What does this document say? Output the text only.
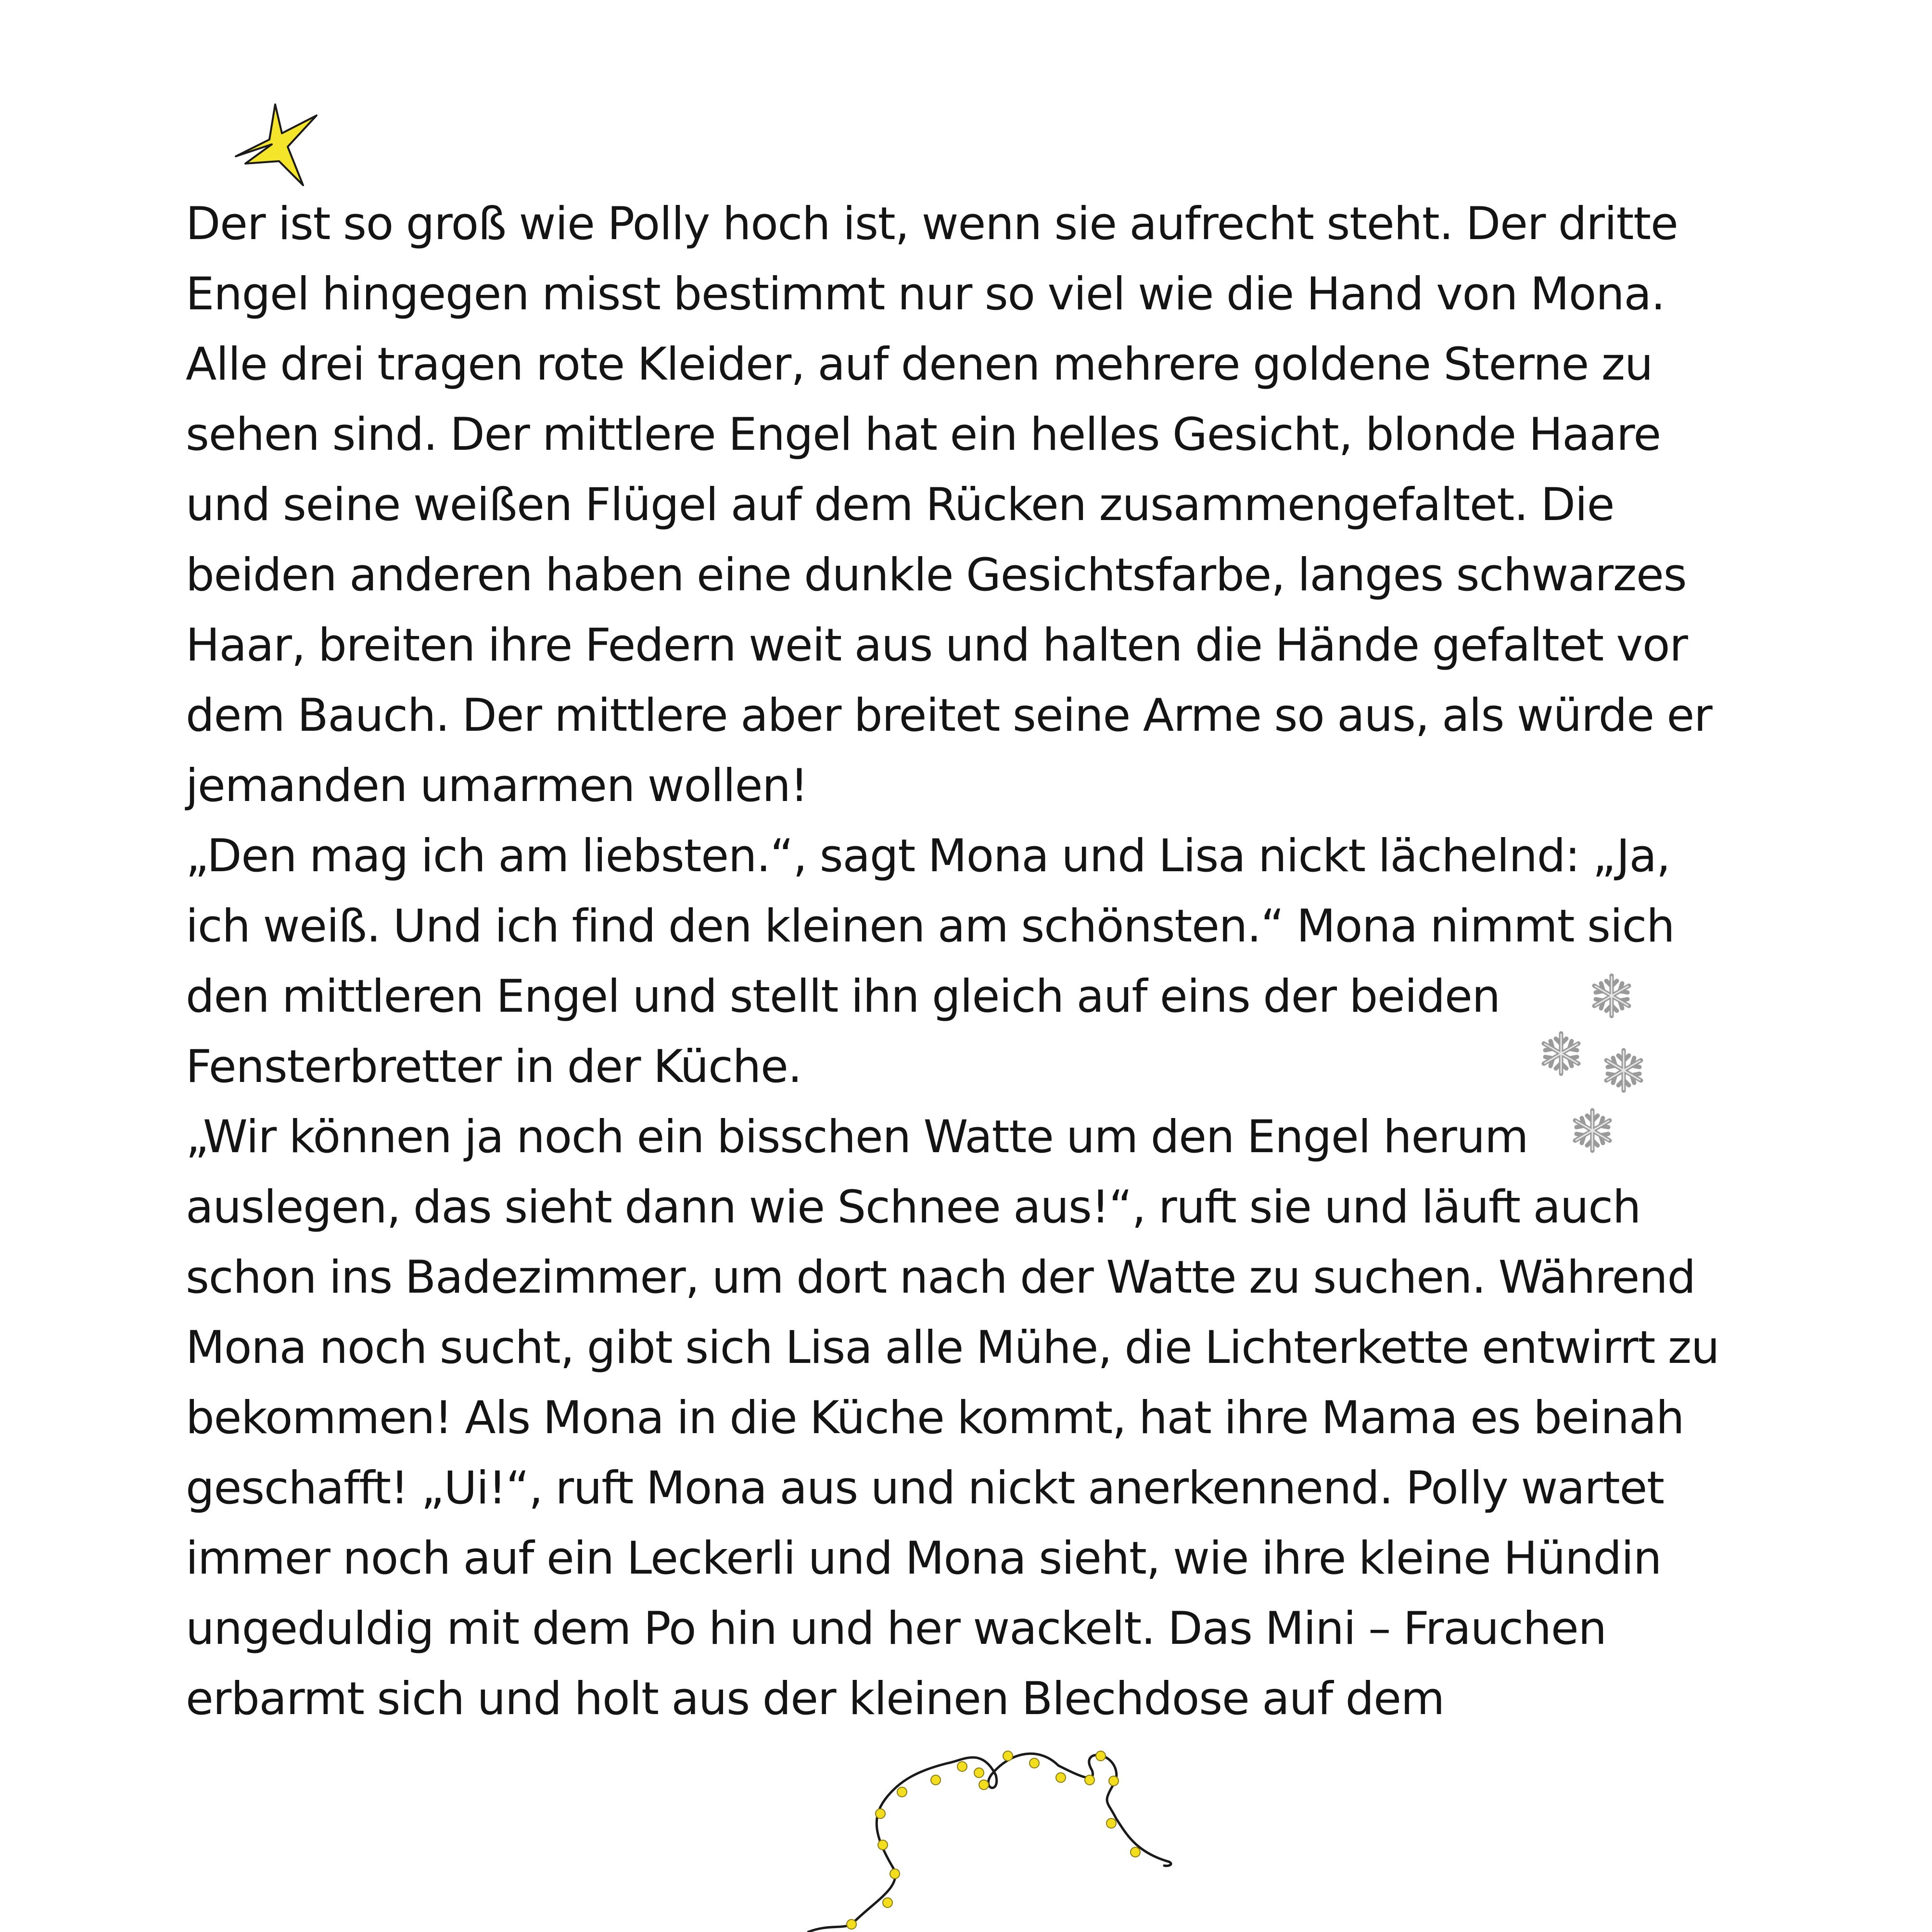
Der ist so groß wie Polly hoch ist, wenn sie aufrecht steht. Der dritte
Engel hingegen misst bestimmt nur so viel wie die Hand von Mona.
Alle drei tragen rote Kleider, auf denen mehrere goldene Sterne zu
sehen sind. Der mittlere Engel hat ein helles Gesicht, blonde Haare
und seine weißen Flügel auf dem Rücken zusammengefaltet. Die
beiden anderen haben eine dunkle Gesichtsfarbe, langes schwarzes
Haar, breiten ihre Federn weit aus und halten die Hände gefaltet vor
dem Bauch. Der mittlere aber breitet seine Arme so aus, als würde er
jemanden umarmen wollen!
„Den mag ich am liebsten.“, sagt Mona und Lisa nickt lächelnd: „Ja,
ich weiß. Und ich find den kleinen am schönsten.“ Mona nimmt sich
den mittleren Engel und stellt ihn gleich auf eins der beiden
Fensterbretter in der Küche.
„Wir können ja noch ein bisschen Watte um den Engel herum
auslegen, das sieht dann wie Schnee aus!“, ruft sie und läuft auch
schon ins Badezimmer, um dort nach der Watte zu suchen. Während
Mona noch sucht, gibt sich Lisa alle Mühe, die Lichterkette entwirrt zu
bekommen! Als Mona in die Küche kommt, hat ihre Mama es beinah
geschafft! „Ui!“, ruft Mona aus und nickt anerkennend. Polly wartet
immer noch auf ein Leckerli und Mona sieht, wie ihre kleine Hündin
ungeduldig mit dem Po hin und her wackelt. Das Mini – Frauchen
erbarmt sich und holt aus der kleinen Blechdose auf dem
